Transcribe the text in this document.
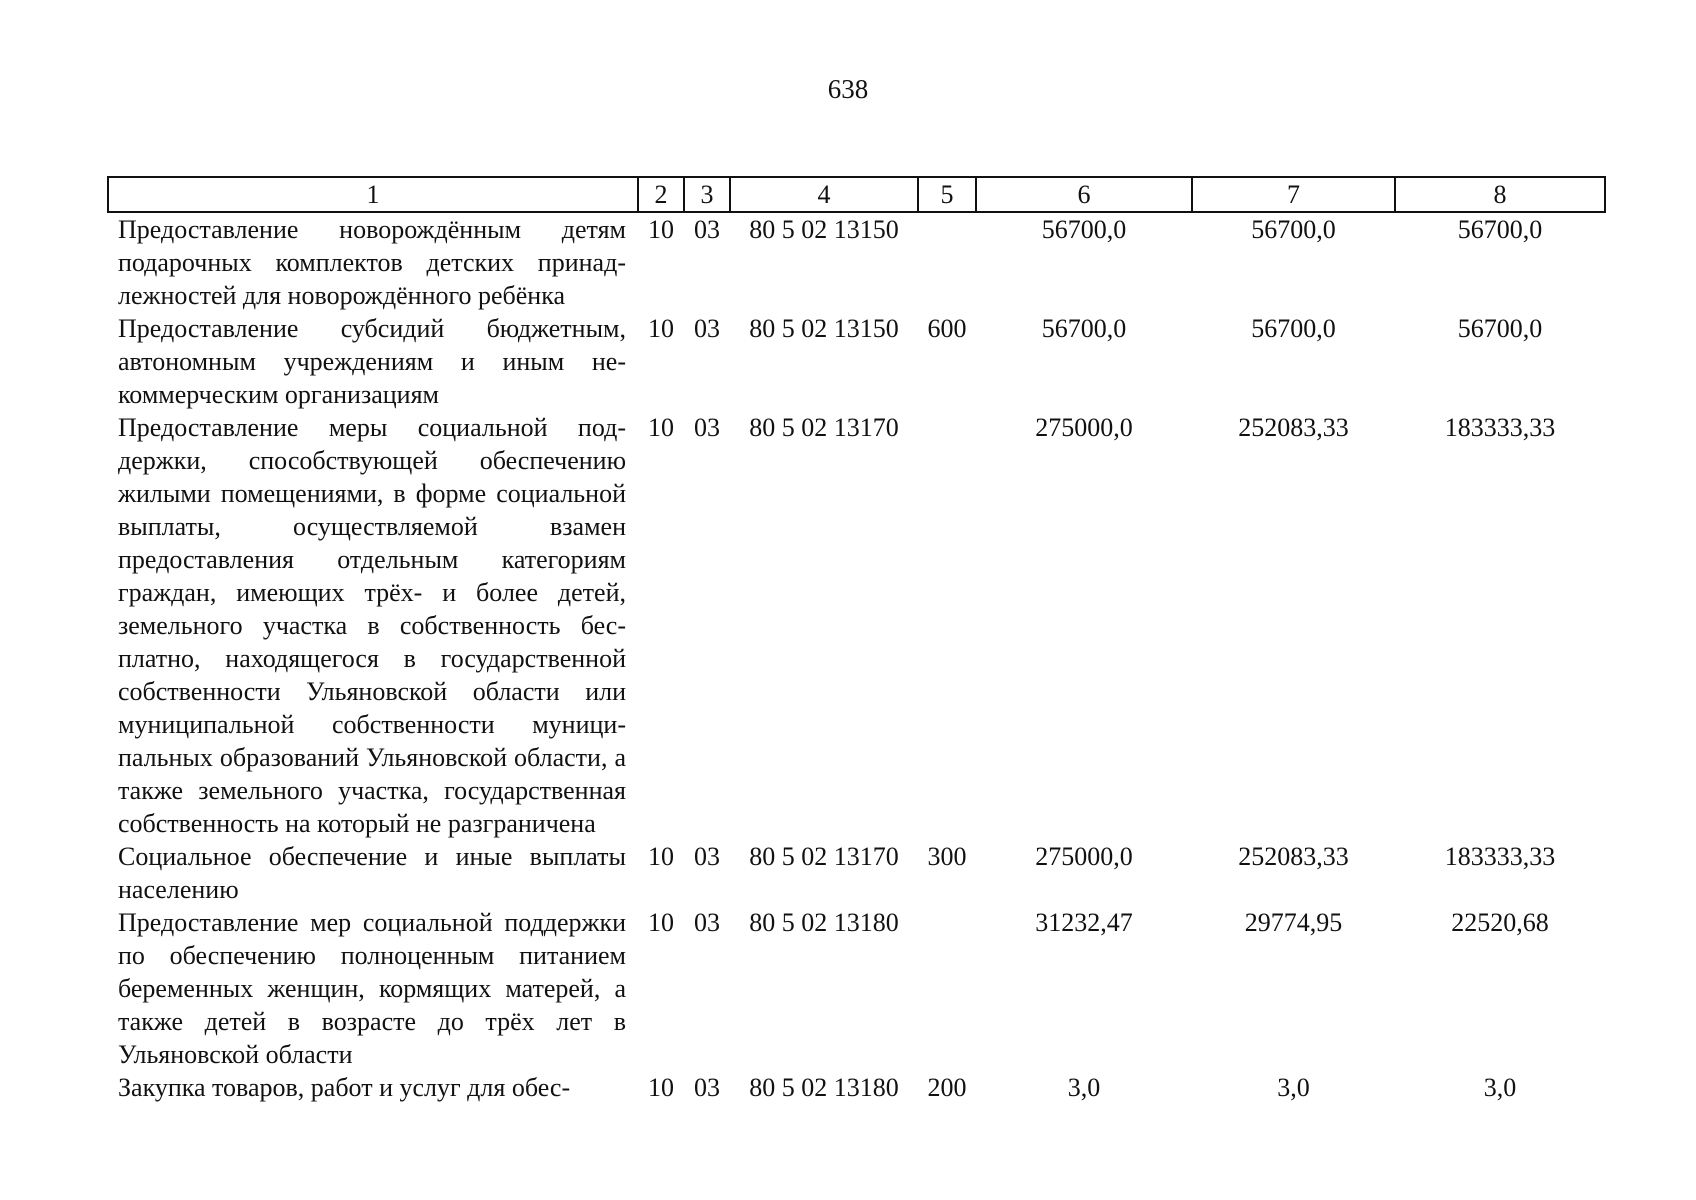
638
1	2	3	4	5	6	7	8
Предоставление новорождённым детям подарочных комплектов детских принадлежностей для новорождённого ребёнка	10	03	80 5 02 13150		56700,0	56700,0	56700,0
Предоставление субсидий бюджетным, автономным учреждениям и иным некоммерческим организациям	10	03	80 5 02 13150	600	56700,0	56700,0	56700,0
Предоставление меры социальной поддержки, способствующей обеспечению жилыми помещениями, в форме социальной выплаты, осуществляемой взамен предоставления отдельным категориям граждан, имеющих трёх- и более детей, земельного участка в собственность бесплатно, находящегося в государственной собственности Ульяновской области или муниципальной собственности муниципальных образований Ульяновской области, а также земельного участка, государственная собственность на который не разграничена	10	03	80 5 02 13170		275000,0	252083,33	183333,33
Социальное обеспечение и иные выплаты населению	10	03	80 5 02 13170	300	275000,0	252083,33	183333,33
Предоставление мер социальной поддержки по обеспечению полноценным питанием беременных женщин, кормящих матерей, а также детей в возрасте до трёх лет в Ульяновской области	10	03	80 5 02 13180		31232,47	29774,95	22520,68
Закупка товаров, работ и услуг для обес-	10	03	80 5 02 13180	200	3,0	3,0	3,0
